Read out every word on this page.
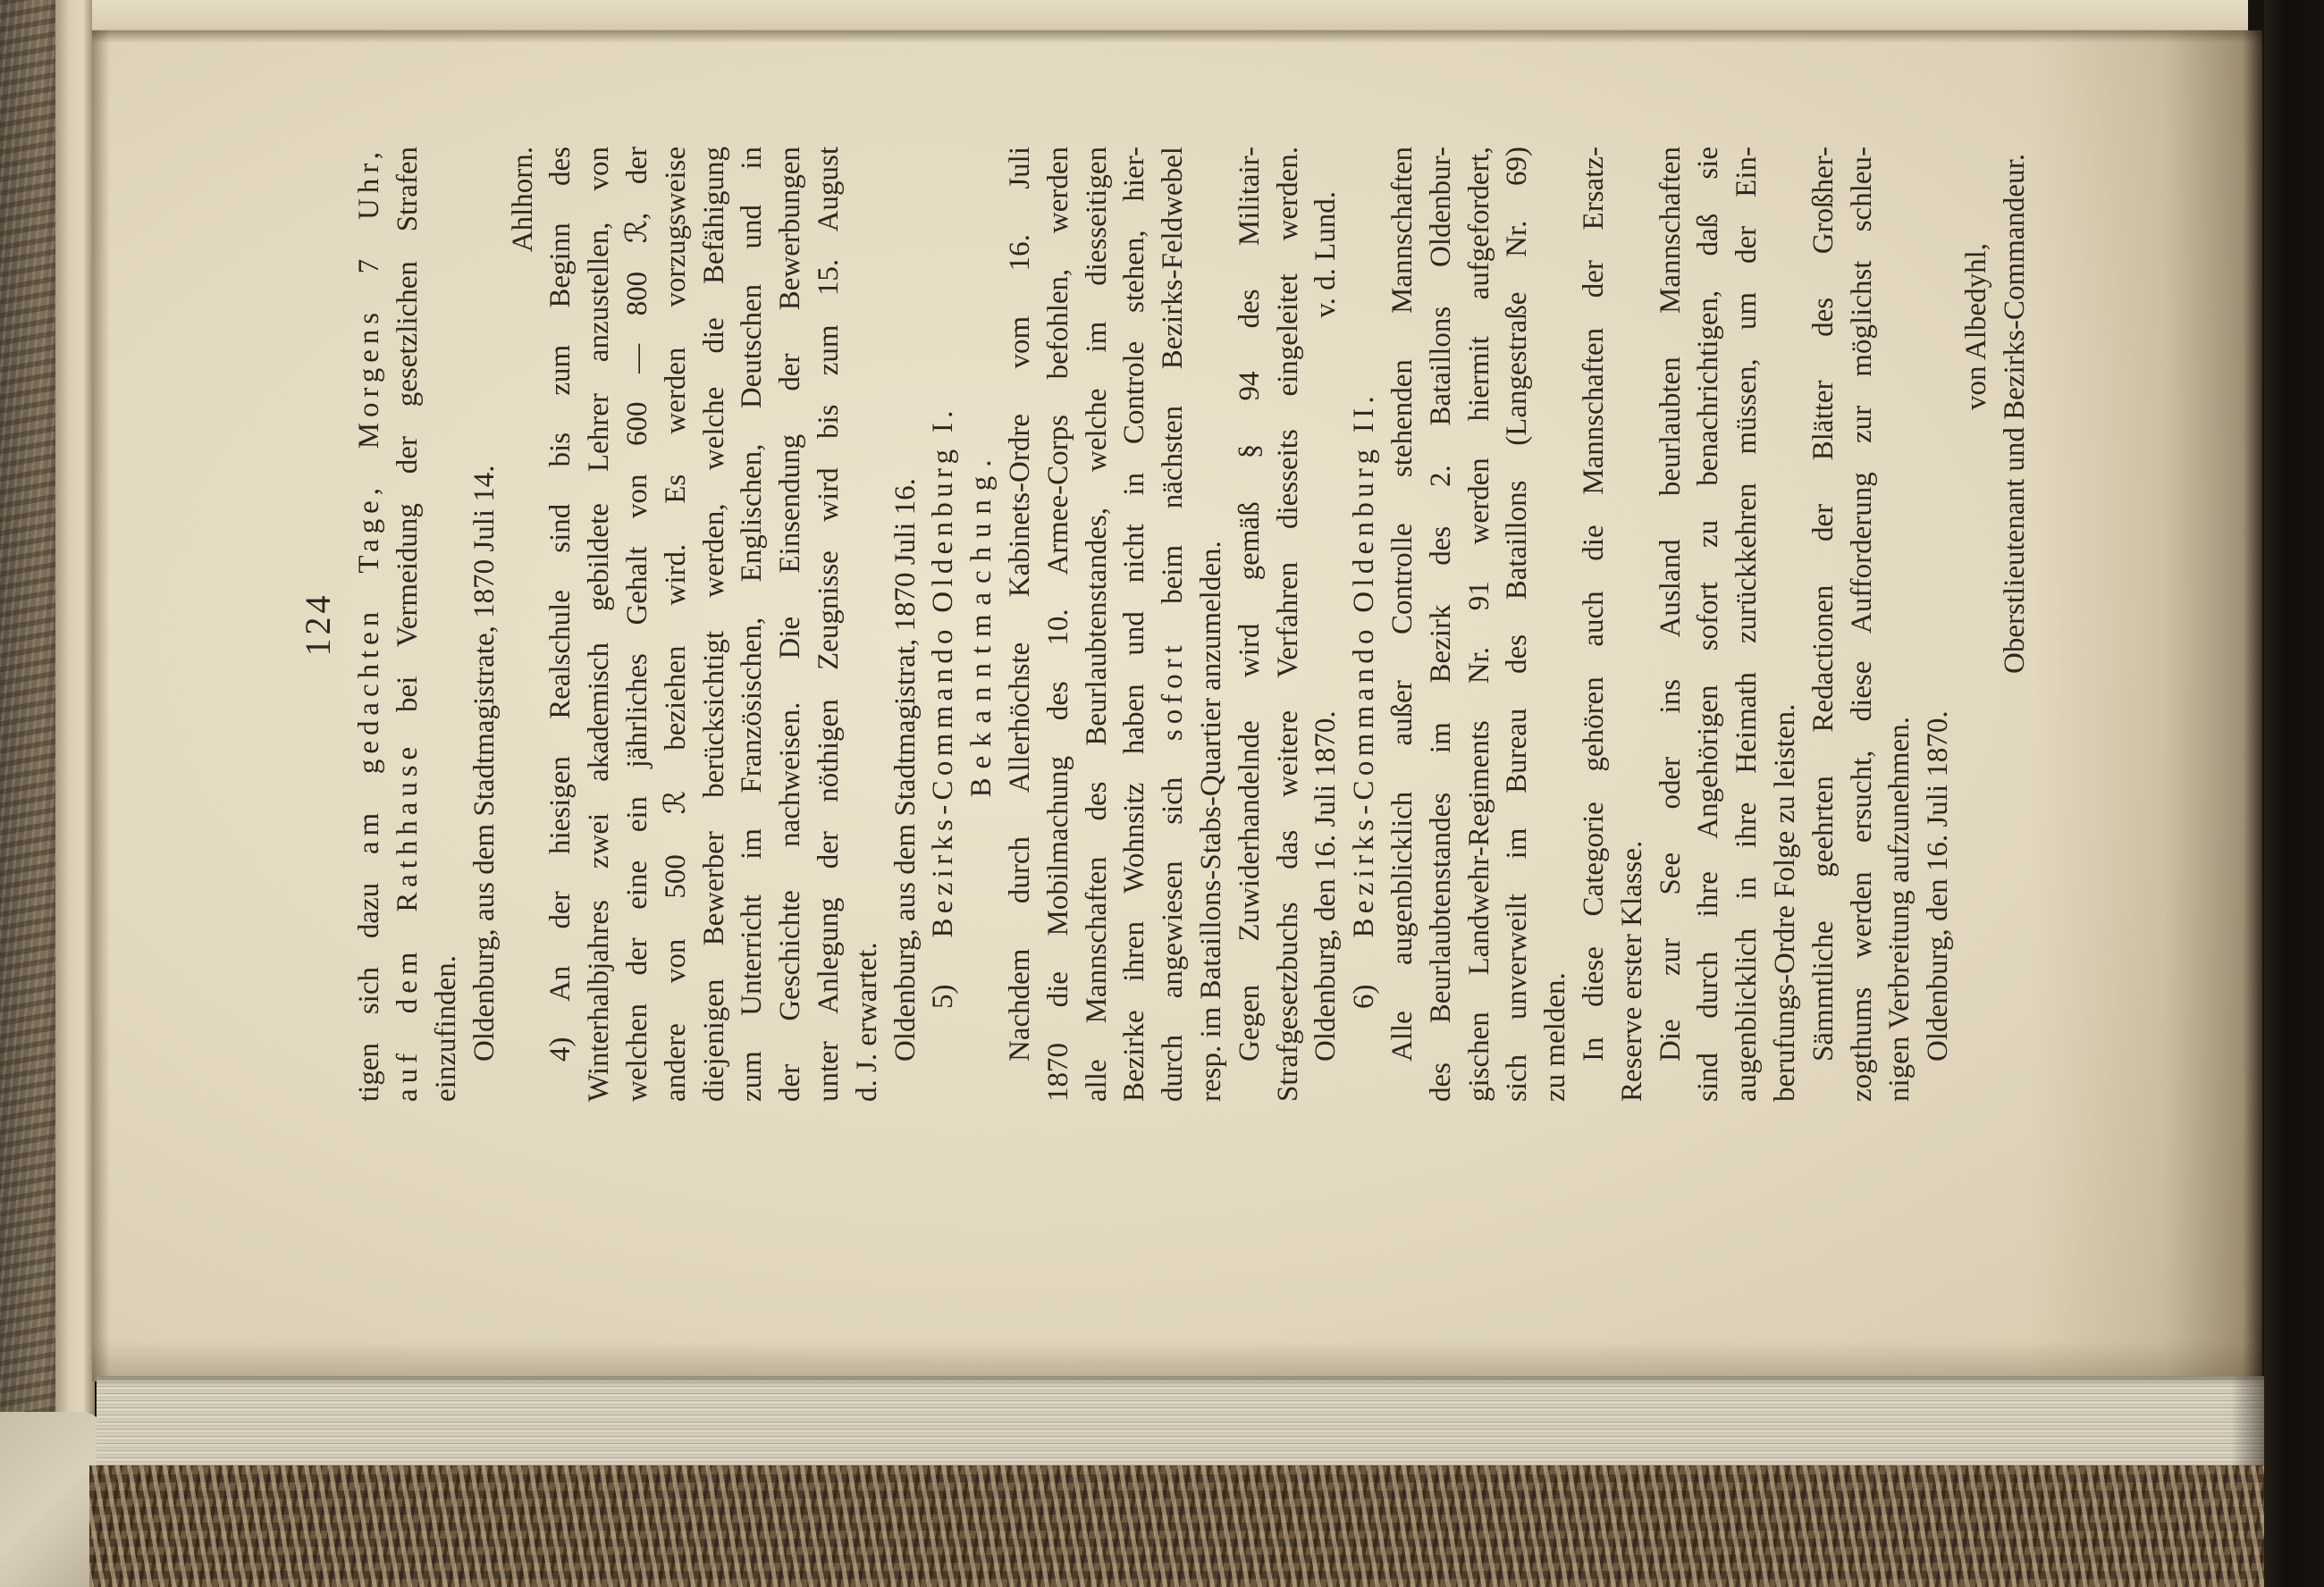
124
tigen sich dazu am gedachten Tage, Morgens 7 Uhr,
auf dem Rathhause bei Vermeidung der gesetzlichen Strafen
einzufinden. Oldenburg, aus dem Stadtmagistrate, 1870 Juli 14.
Ahlhorn. 4) An der hiesigen Realschule sind bis zum Beginn des Winterhalbjahres zwei akademisch gebildete Lehrer anzustellen, von welchen der eine ein jährliches Gehalt von 600 — 800 ℛ, der andere von 500 ℛ beziehen wird. Es werden vorzugsweise diejenigen Bewerber berücksichtigt werden, welche die Befähigung zum Unterricht im Französischen, Englischen, Deutschen und in der Geschichte nachweisen. Die Einsendung der Bewerbungen unter Anlegung der nöthigen Zeugnisse wird bis zum 15. August d. J. erwartet. Oldenburg, aus dem Stadtmagistrat, 1870 Juli 16. 5)Bezirks-Commando Oldenburg I. Bekanntmachung. Nachdem durch Allerhöchste Kabinets-Ordre vom 16. Juli 1870 die Mobilmachung des 10. Armee-Corps befohlen, werden alle Mannschaften des Beurlaubtenstandes, welche im diesseitigen Bezirke ihren Wohnsitz haben und nicht in Controle stehen, hier- durch angewiesen sich sofort beim nächsten Bezirks-Feldwebel
resp. im Bataillons-Stabs-Quartier anzumelden. Gegen Zuwiderhandelnde wird gemäß § 94 des Militair- Strafgesetzbuchs das weitere Verfahren diesseits eingeleitet werden. Oldenburg, den 16. Juli 1870.
v. d. Lund.
6)Bezirks-Commando Oldenburg II. Alle augenblicklich außer Controlle stehenden Mannschaften des Beurlaubtenstandes im Bezirk des 2. Bataillons Oldenbur- gischen Landwehr-Regiments Nr. 91 werden hiermit aufgefordert, sich unverweilt im Bureau des Bataillons (Langestraße Nr. 69) zu melden. In diese Categorie gehören auch die Mannschaften der Ersatz- Reserve erster Klasse. Die zur See oder ins Ausland beurlaubten Mannschaften sind durch ihre Angehörigen sofort zu benachrichtigen, daß sie augenblicklich in ihre Heimath zurückkehren müssen, um der Ein- berufungs-Ordre Folge zu leisten. Sämmtliche geehrten Redactionen der Blätter des Großher- zogthums werden ersucht, diese Aufforderung zur möglichst schleu- nigen Verbreitung aufzunehmen. Oldenburg, den 16. Juli 1870.
von Albedyhl, Oberstlieutenant und Bezirks-Commandeur.
